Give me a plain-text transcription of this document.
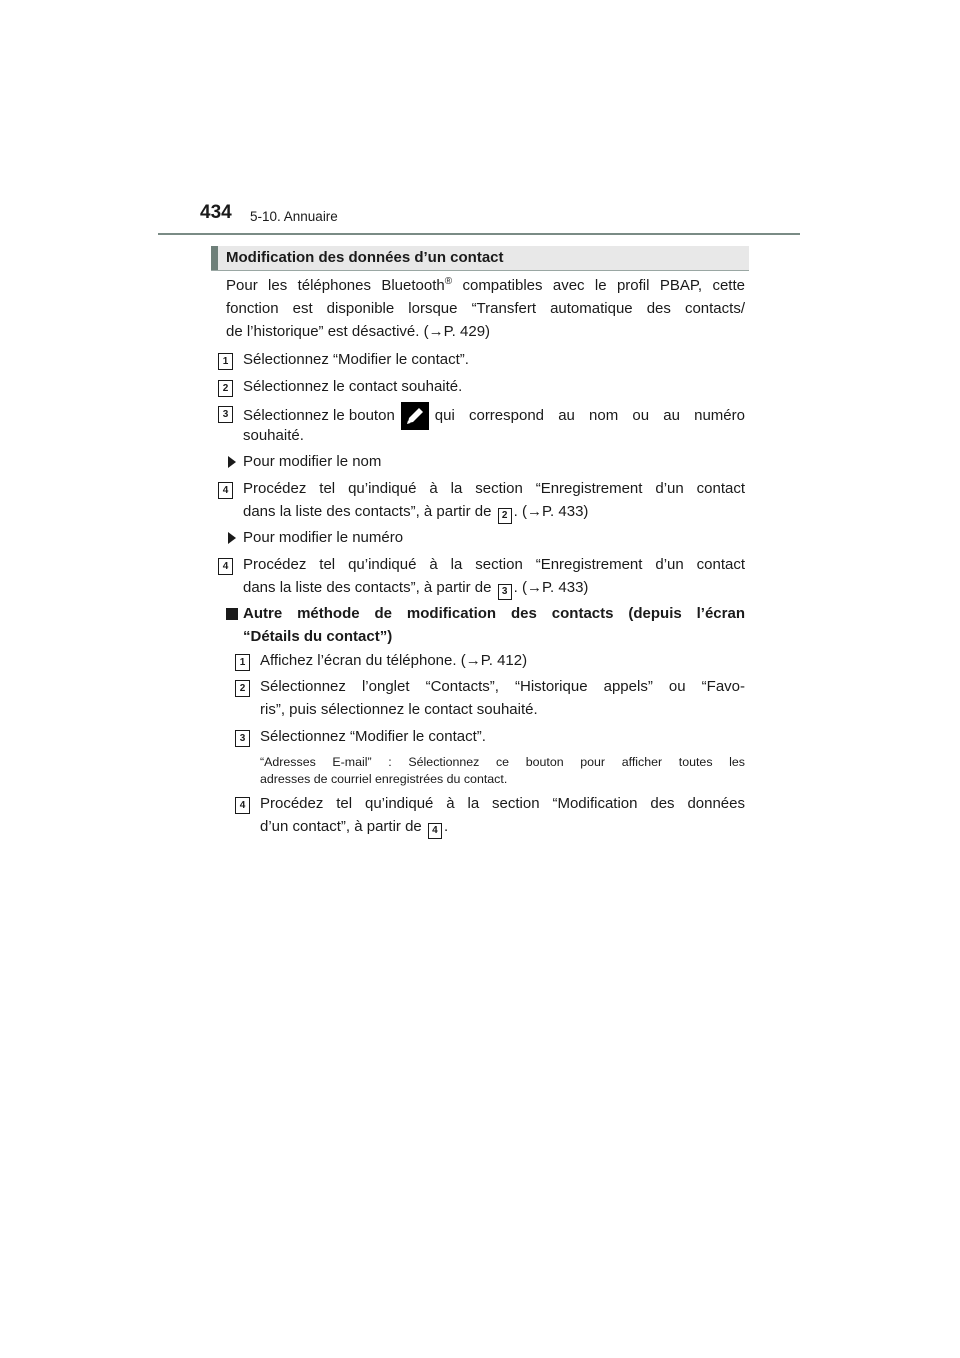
434 5-10. Annuaire
Modification des données d’un contact
Pour les téléphones Bluetooth® compatibles avec le profil PBAP, cette
fonction est disponible lorsque “Transfert automatique des contacts/
de l’historique” est désactivé. (→P. 429)
1 Sélectionnez “Modifier le contact”.
2 Sélectionnez le contact souhaité.
3 Sélectionnez le bouton	qui correspond au nom ou au numéro
souhaité.
Pour modifier le nom
4 Procédez tel qu’indiqué à la section “Enregistrement d’un contact
dans la liste des contacts”, à partir de 2 . (→P. 433)
Pour modifier le numéro
4 Procédez tel qu’indiqué à la section “Enregistrement d’un contact
dans la liste des contacts”, à partir de 3 . (→P. 433)
Autre méthode de modification des contacts (depuis l’écran
“Détails du contact”)
1 Affichez l’écran du téléphone. (→P. 412)
2 Sélectionnez l’onglet “Contacts”, “Historique appels” ou “Favo-
ris”, puis sélectionnez le contact souhaité.
3 Sélectionnez “Modifier le contact”.
“Adresses E-mail” : Sélectionnez ce bouton pour afficher toutes les
adresses de courriel enregistrées du contact.
4 Procédez tel qu’indiqué à la section “Modification des données
d’un contact”, à partir de 4 .
